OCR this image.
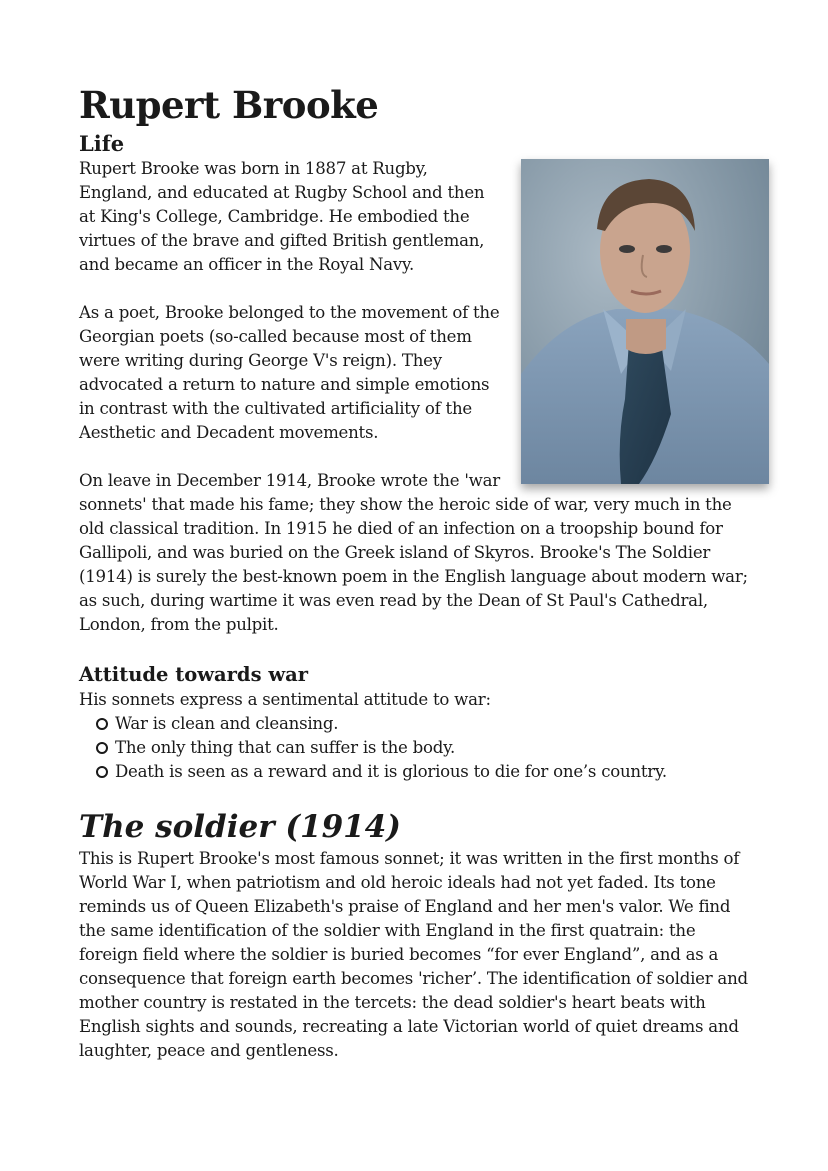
Rupert Brooke
Life

Rupert Brooke was born in 1887 at Rugby, England, and educated at Rugby School and then at King's College, Cambridge. He embodied the virtues of the brave and gifted British gentleman, and became an officer in the Royal Navy.

As a poet, Brooke belonged to the movement of the Georgian poets (so-called because most of them were writing during George V's reign). They advocated a return to nature and simple emotions in contrast with the cultivated artificiality of the Aesthetic and Decadent movements.

On leave in December 1914, Brooke wrote the 'war sonnets' that made his fame; they show the heroic side of war, very much in the old classical tradition. In 1915 he died of an infection on a troopship bound for Gallipoli, and was buried on the Greek island of Skyros. Brooke's The Soldier (1914) is surely the best-known poem in the English language about modern war; as such, during wartime it was even read by the Dean of St Paul's Cathedral, London, from the pulpit.

Attitude towards war

His sonnets express a sentimental attitude to war:

War is clean and cleansing.
The only thing that can suffer is the body.
Death is seen as a reward and it is glorious to die for one’s country.
The soldier (1914)

This is Rupert Brooke's most famous sonnet; it was written in the first months of World War I, when patriotism and old heroic ideals had not yet faded. Its tone reminds us of Queen Elizabeth's praise of England and her men's valor. We find the same identification of the soldier with England in the first quatrain: the foreign field where the soldier is buried becomes “for ever England”, and as a consequence that foreign earth becomes 'richer’. The identification of soldier and mother country is restated in the tercets: the dead soldier's heart beats with English sights and sounds, recreating a late Victorian world of quiet dreams and laughter, peace and gentleness.
